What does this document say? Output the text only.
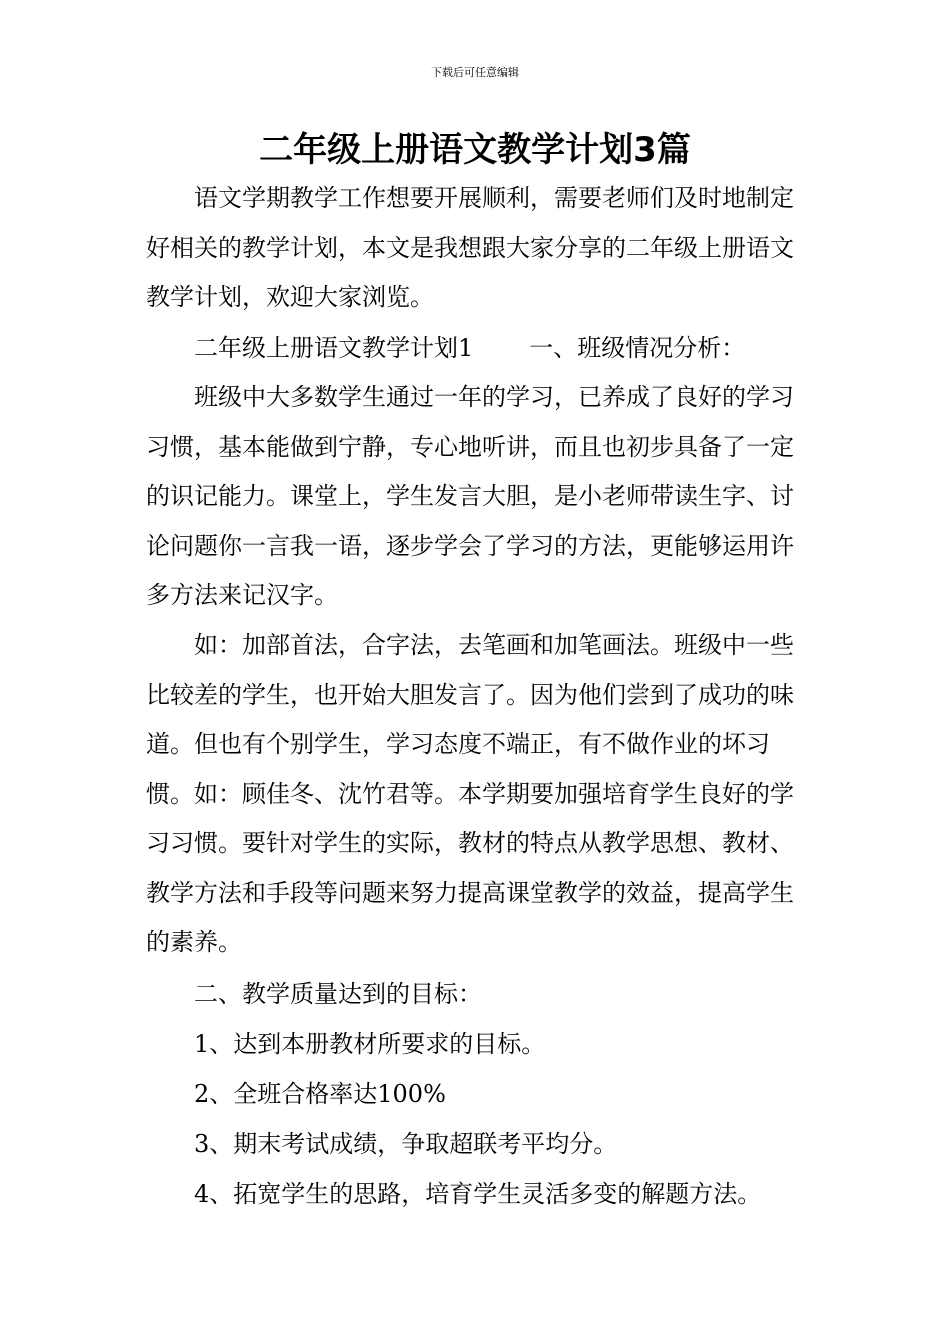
下载后可任意编辑
二年级上册语文教学计划3篇

语文学期教学工作想要开展顺利，需要老师们及时地制定好相关的教学计划，本文是我想跟大家分享的二年级上册语文教学计划，欢迎大家浏览。

二年级上册语文教学计划1 一、班级情况分析：

班级中大多数学生通过一年的学习，已养成了良好的学习习惯，基本能做到宁静，专心地听讲，而且也初步具备了一定的识记能力。课堂上，学生发言大胆，是小老师带读生字、讨论问题你一言我一语，逐步学会了学习的方法，更能够运用许多方法来记汉字。

如：加部首法，合字法，去笔画和加笔画法。班级中一些比较差的学生，也开始大胆发言了。因为他们尝到了成功的味道。但也有个别学生，学习态度不端正，有不做作业的坏习惯。如：顾佳冬、沈竹君等。本学期要加强培育学生良好的学习习惯。要针对学生的实际，教材的特点从教学思想、教材、教学方法和手段等问题来努力提高课堂教学的效益，提高学生的素养。

二、教学质量达到的目标：

1、达到本册教材所要求的目标。

2、全班合格率达100%

3、期末考试成绩，争取超联考平均分。

4、拓宽学生的思路，培育学生灵活多变的解题方法。
